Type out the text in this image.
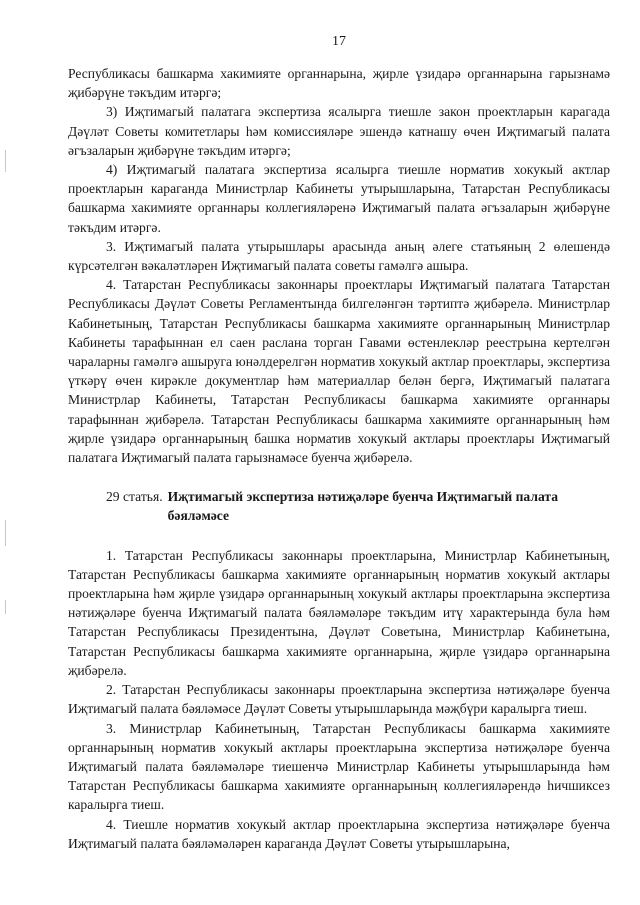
17

Республикасы башкарма хакимияте органнарына, җирле үзидарә органнарына гарызнамә җибәрүне тәкъдим итәргә;

3) Иҗтимагый палатага экспертиза ясалырга тиешле закон проектларын карагада Дәүләт Советы комитетлары һәм комиссияләре эшендә катнашу өчен Иҗтимагый палата әгъзаларын җибәрүне тәкъдим итәргә;

4) Иҗтимагый палатага экспертиза ясалырга тиешле норматив хокукый актлар проектларын караганда Министрлар Кабинеты утырышларына, Татарстан Республикасы башкарма хакимияте органнары коллегияләренә Иҗтимагый палата әгъзаларын җибәрүне тәкъдим итәргә.

3. Иҗтимагый палата утырышлары арасында аның әлеге статьяның 2 өлешендә күрсәтелгән вәкаләтләрен Иҗтимагый палата советы гамәлгә ашыра.

4. Татарстан Республикасы законнары проектлары Иҗтимагый палатага Татарстан Республикасы Дәүләт Советы Регламентында билгеләнгән тәртиптә җибәрелә. Министрлар Кабинетының, Татарстан Республикасы башкарма хакимияте органнарының Министрлар Кабинеты тарафыннан ел саен раслана торган Гавами өстенлекләр реестрына кертелгән чараларны гамәлгә ашыруга юнәлдерелгән норматив хокукый актлар проектлары, экспертиза үткәрү өчен кирәкле документлар һәм материаллар белән бергә, Иҗтимагый палатага Министрлар Кабинеты, Татарстан Республикасы башкарма хакимияте органнары тарафыннан җибәрелә. Татарстан Республикасы башкарма хакимияте органнарының һәм җирле үзидарә органнарының башка норматив хокукый актлары проектлары Иҗтимагый палатага Иҗтимагый палата гарызнамәсе буенча җибәрелә.

29 статья. Иҗтимагый экспертиза нәтиҗәләре буенча Иҗтимагый палата бәяләмәсе

1. Татарстан Республикасы законнары проектларына, Министрлар Кабинетының, Татарстан Республикасы башкарма хакимияте органнарының норматив хокукый актлары проектларына һәм җирле үзидарә органнарының хокукый актлары проектларына экспертиза нәтиҗәләре буенча Иҗтимагый палата бәяләмәләре тәкъдим итү характерында була һәм Татарстан Республикасы Президентына, Дәүләт Советына, Министрлар Кабинетына, Татарстан Республикасы башкарма хакимияте органнарына, җирле үзидарә органнарына җибәрелә.

2. Татарстан Республикасы законнары проектларына экспертиза нәтиҗәләре буенча Иҗтимагый палата бәяләмәсе Дәүләт Советы утырышларында мәҗбүри каралырга тиеш.

3. Министрлар Кабинетының, Татарстан Республикасы башкарма хакимияте органнарының норматив хокукый актлары проектларына экспертиза нәтиҗәләре буенча Иҗтимагый палата бәяләмәләре тиешенчә Министрлар Кабинеты утырышларында һәм Татарстан Республикасы башкарма хакимияте органнарының коллегияләрендә һичшиксез каралырга тиеш.

4. Тиешле норматив хокукый актлар проектларына экспертиза нәтиҗәләре буенча Иҗтимагый палата бәяләмәләрен караганда Дәүләт Советы утырышларына,
